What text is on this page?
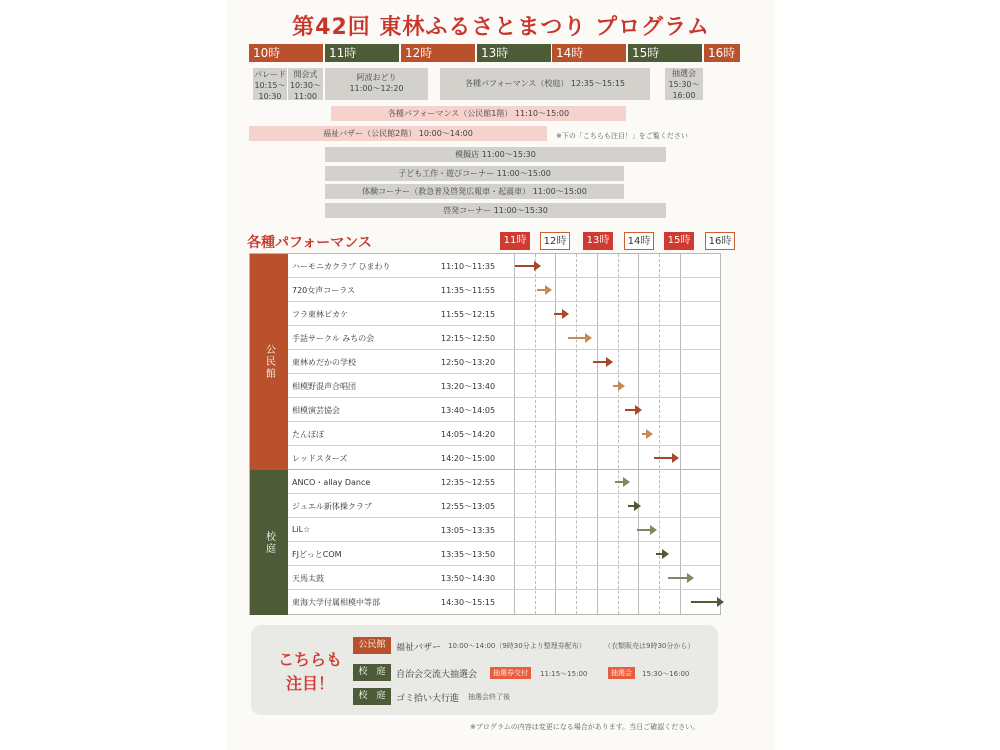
第42回 東林ふるさとまつり プログラム
10時	11時	12時	13時	14時	15時	16時
パレード
10:15〜
10:30
開会式
10:30〜
11:00
阿波おどり
11:00〜12:20
各種パフォーマンス（校庭） 12:35〜15:15
抽選会
15:30〜
16:00
各種パフォーマンス（公民館1階） 11:10〜15:00
福祉バザー（公民館2階） 10:00〜14:00	※下の「こちらも注目！」をご覧ください
模擬店 11:00〜15:30
子ども工作・遊びコーナー 11:00〜15:00
体験コーナー（救急普及啓発広報車・起震車） 11:00〜15:00
啓発コーナー 11:00〜15:30
各種パフォーマンス	11時	12時	13時	14時	15時	16時
公民館
校庭
ハーモニカクラブ ひまわり	11:10〜11:35
720女声コーラス	11:35〜11:55
フラ東林ピカケ	11:55〜12:15
手話サークル みちの会	12:15〜12:50
東林めだかの学校	12:50〜13:20
相模野混声合唱団	13:20〜13:40
相模演芸協会	13:40〜14:05
たんぽぽ	14:05〜14:20
レッドスターズ	14:20〜15:00
ANCO・allay Dance	12:35〜12:55
ジュエル新体操クラブ	12:55〜13:05
LiL☆	13:05〜13:35
FJどっとCOM	13:35〜13:50
天馬太鼓	13:50〜14:30
東海大学付属相模中等部	14:30〜15:15
こちらも
注目！
公民館	福祉バザー 10:00〜14:00（9時30分より整理券配布）	（衣類販売は9時30分から）
校　庭	自治会交流大抽選会	抽選券交付	11:15〜15:00	抽選会	15:30〜16:00
校　庭	ゴミ拾い大行進 抽選会終了後
※プログラムの内容は変更になる場合があります。当日ご確認ください。
